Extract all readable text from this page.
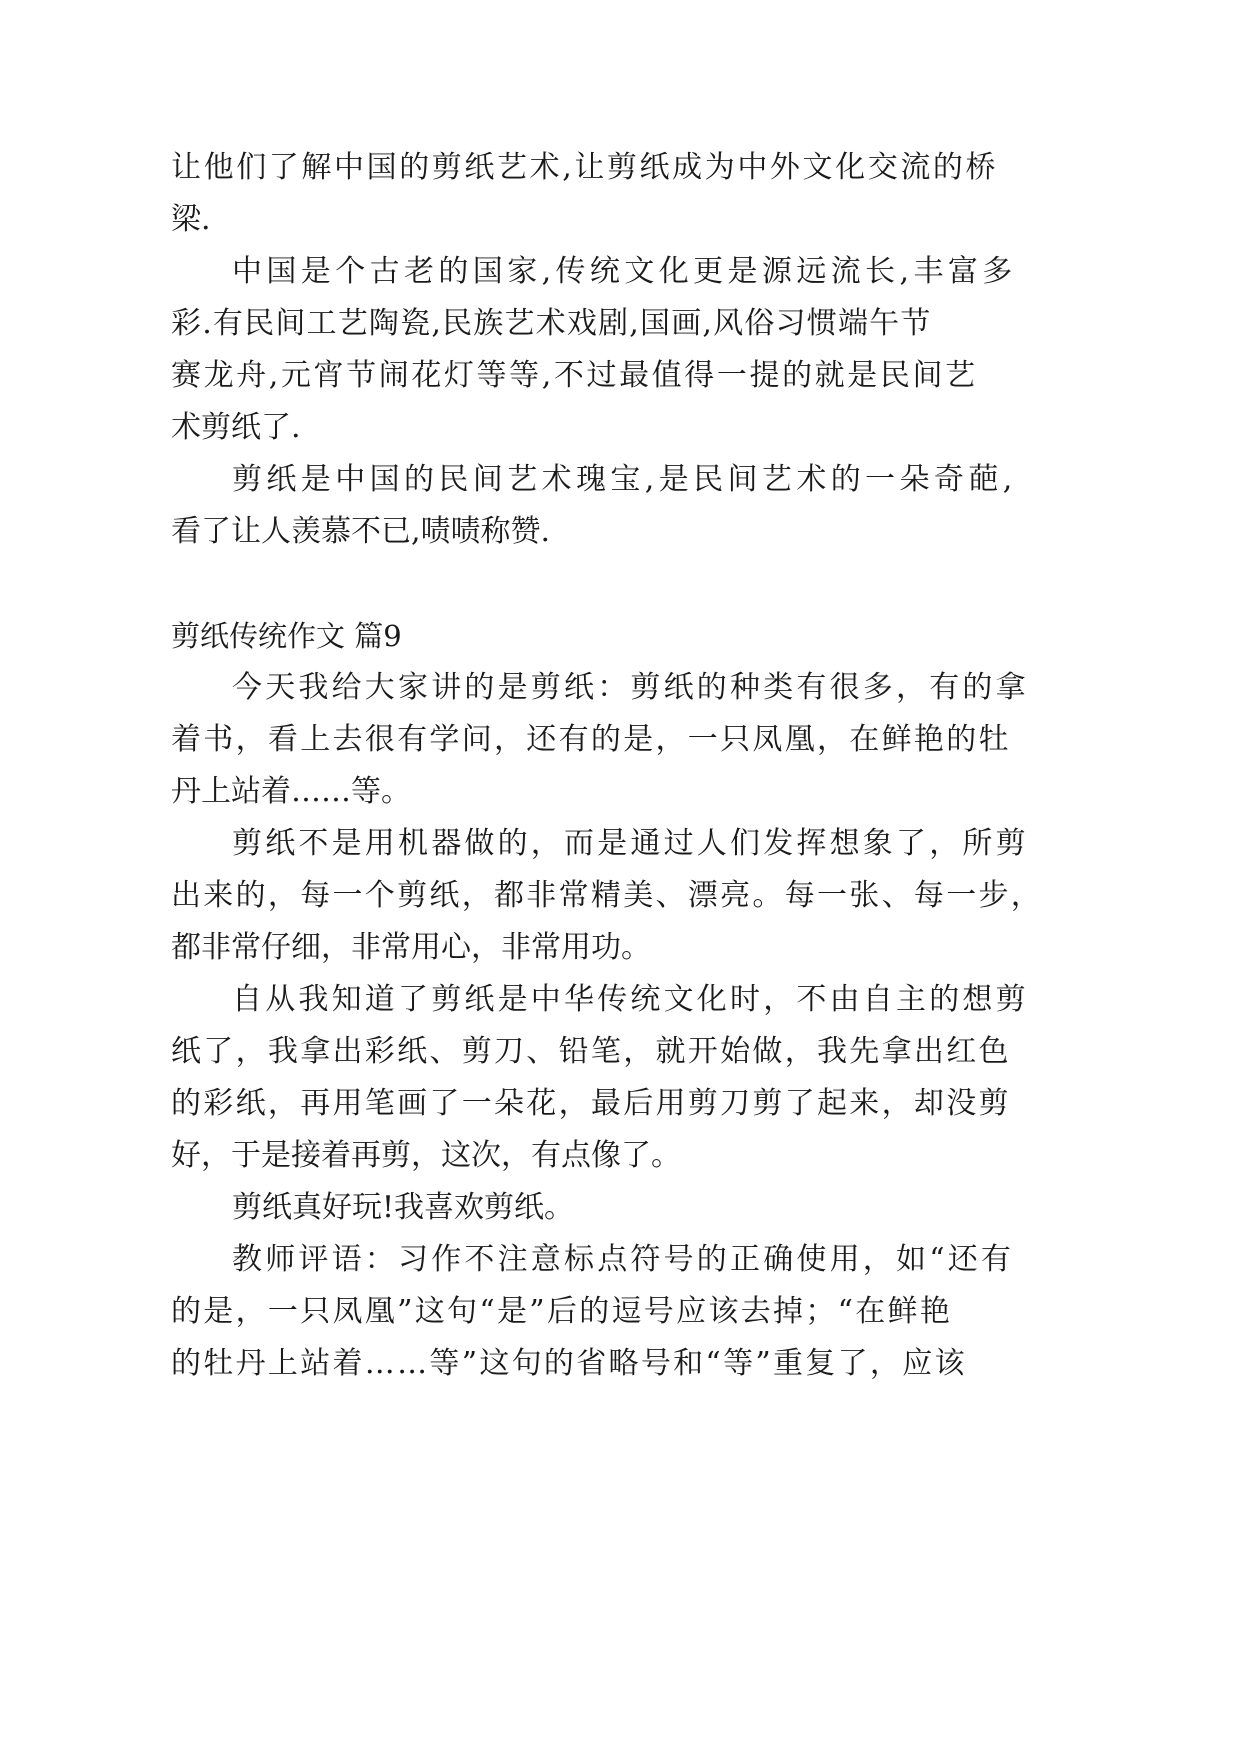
让他们了解中国的剪纸艺术,让剪纸成为中外文化交流的桥
梁.
中国是个古老的国家,传统文化更是源远流长,丰富多
彩.有民间工艺陶瓷,民族艺术戏剧,国画,风俗习惯端午节
赛龙舟,元宵节闹花灯等等,不过最值得一提的就是民间艺
术剪纸了.
剪纸是中国的民间艺术瑰宝,是民间艺术的一朵奇葩,
看了让人羡慕不已,啧啧称赞.
剪纸传统作文 篇9
今天我给大家讲的是剪纸：剪纸的种类有很多，有的拿
着书，看上去很有学问，还有的是，一只凤凰，在鲜艳的牡
丹上站着……等。
剪纸不是用机器做的，而是通过人们发挥想象了，所剪
出来的，每一个剪纸，都非常精美、漂亮。每一张、每一步，
都非常仔细，非常用心，非常用功。
自从我知道了剪纸是中华传统文化时，不由自主的想剪
纸了，我拿出彩纸、剪刀、铅笔，就开始做，我先拿出红色
的彩纸，再用笔画了一朵花，最后用剪刀剪了起来，却没剪
好，于是接着再剪，这次，有点像了。
剪纸真好玩!我喜欢剪纸。
教师评语：习作不注意标点符号的正确使用，如“还有
的是，一只凤凰”这句“是”后的逗号应该去掉；“在鲜艳
的牡丹上站着……等”这句的省略号和“等”重复了，应该
